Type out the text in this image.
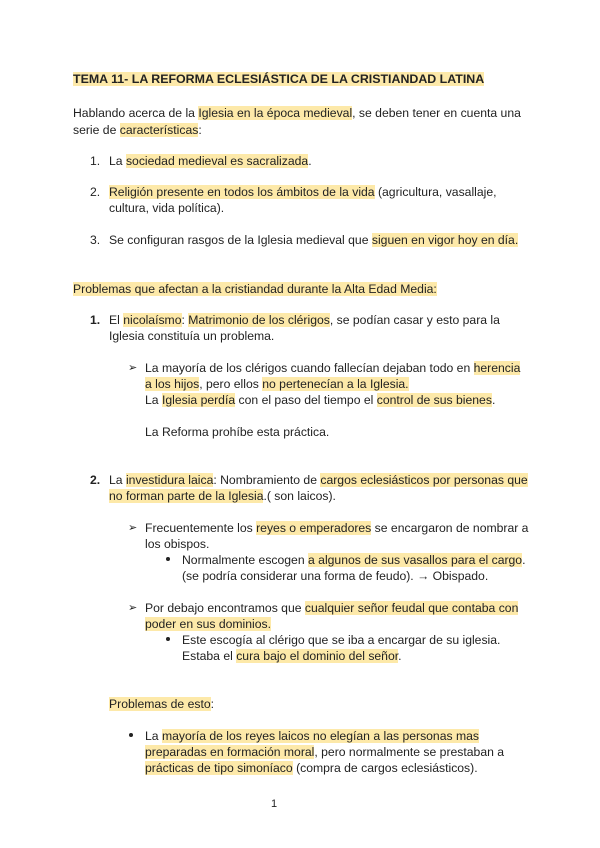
TEMA 11- LA REFORMA ECLESIÁSTICA DE LA CRISTIANDAD LATINA
Hablando acerca de la Iglesia en la época medieval, se deben tener en cuenta una
serie de características:
1. La sociedad medieval es sacralizada.
2. Religión presente en todos los ámbitos de la vida (agricultura, vasallaje,
cultura, vida política).
3. Se configuran rasgos de la Iglesia medieval que siguen en vigor hoy en día.
Problemas que afectan a la cristiandad durante la Alta Edad Media:
1. El nicolaísmo: Matrimonio de los clérigos, se podían casar y esto para la
Iglesia constituía un problema.
➢ La mayoría de los clérigos cuando fallecían dejaban todo en herencia
a los hijos, pero ellos no pertenecían a la Iglesia.
La Iglesia perdía con el paso del tiempo el control de sus bienes.
La Reforma prohíbe esta práctica.
2. La investidura laica: Nombramiento de cargos eclesiásticos por personas que
no forman parte de la Iglesia.( son laicos).
➢ Frecuentemente los reyes o emperadores se encargaron de nombrar a
los obispos.
Normalmente escogen a algunos de sus vasallos para el cargo.
(se podría considerar una forma de feudo). → Obispado.
➢ Por debajo encontramos que cualquier señor feudal que contaba con
poder en sus dominios.
Este escogía al clérigo que se iba a encargar de su iglesia.
Estaba el cura bajo el dominio del señor.
Problemas de esto:
La mayoría de los reyes laicos no elegían a las personas mas
preparadas en formación moral, pero normalmente se prestaban a
prácticas de tipo simoníaco (compra de cargos eclesiásticos).
1
